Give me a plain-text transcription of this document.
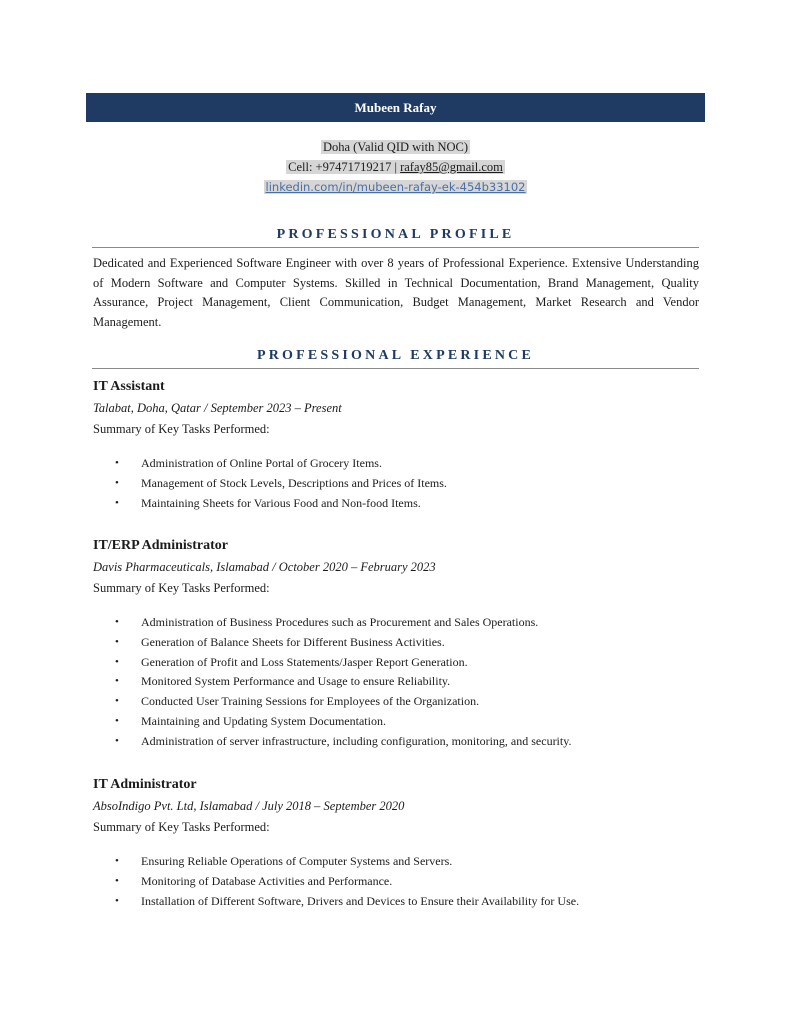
Mubeen Rafay
Doha (Valid QID with NOC)
Cell: +97471719217 | rafay85@gmail.com
linkedin.com/in/mubeen-rafay-ek-454b33102
PROFESSIONAL PROFILE
Dedicated and Experienced Software Engineer with over 8 years of Professional Experience. Extensive Understanding of Modern Software and Computer Systems. Skilled in Technical Documentation, Brand Management, Quality Assurance, Project Management, Client Communication, Budget Management, Market Research and Vendor Management.
PROFESSIONAL EXPERIENCE
IT Assistant
Talabat, Doha, Qatar / September 2023 – Present
Summary of Key Tasks Performed:
• Administration of Online Portal of Grocery Items.
• Management of Stock Levels, Descriptions and Prices of Items.
• Maintaining Sheets for Various Food and Non-food Items.
IT/ERP Administrator
Davis Pharmaceuticals, Islamabad / October 2020 – February 2023
Summary of Key Tasks Performed:
• Administration of Business Procedures such as Procurement and Sales Operations.
• Generation of Balance Sheets for Different Business Activities.
• Generation of Profit and Loss Statements/Jasper Report Generation.
• Monitored System Performance and Usage to ensure Reliability.
• Conducted User Training Sessions for Employees of the Organization.
• Maintaining and Updating System Documentation.
• Administration of server infrastructure, including configuration, monitoring, and security.
IT Administrator
AbsoIndigo Pvt. Ltd, Islamabad / July 2018 – September 2020
Summary of Key Tasks Performed:
• Ensuring Reliable Operations of Computer Systems and Servers.
• Monitoring of Database Activities and Performance.
• Installation of Different Software, Drivers and Devices to Ensure their Availability for Use.
